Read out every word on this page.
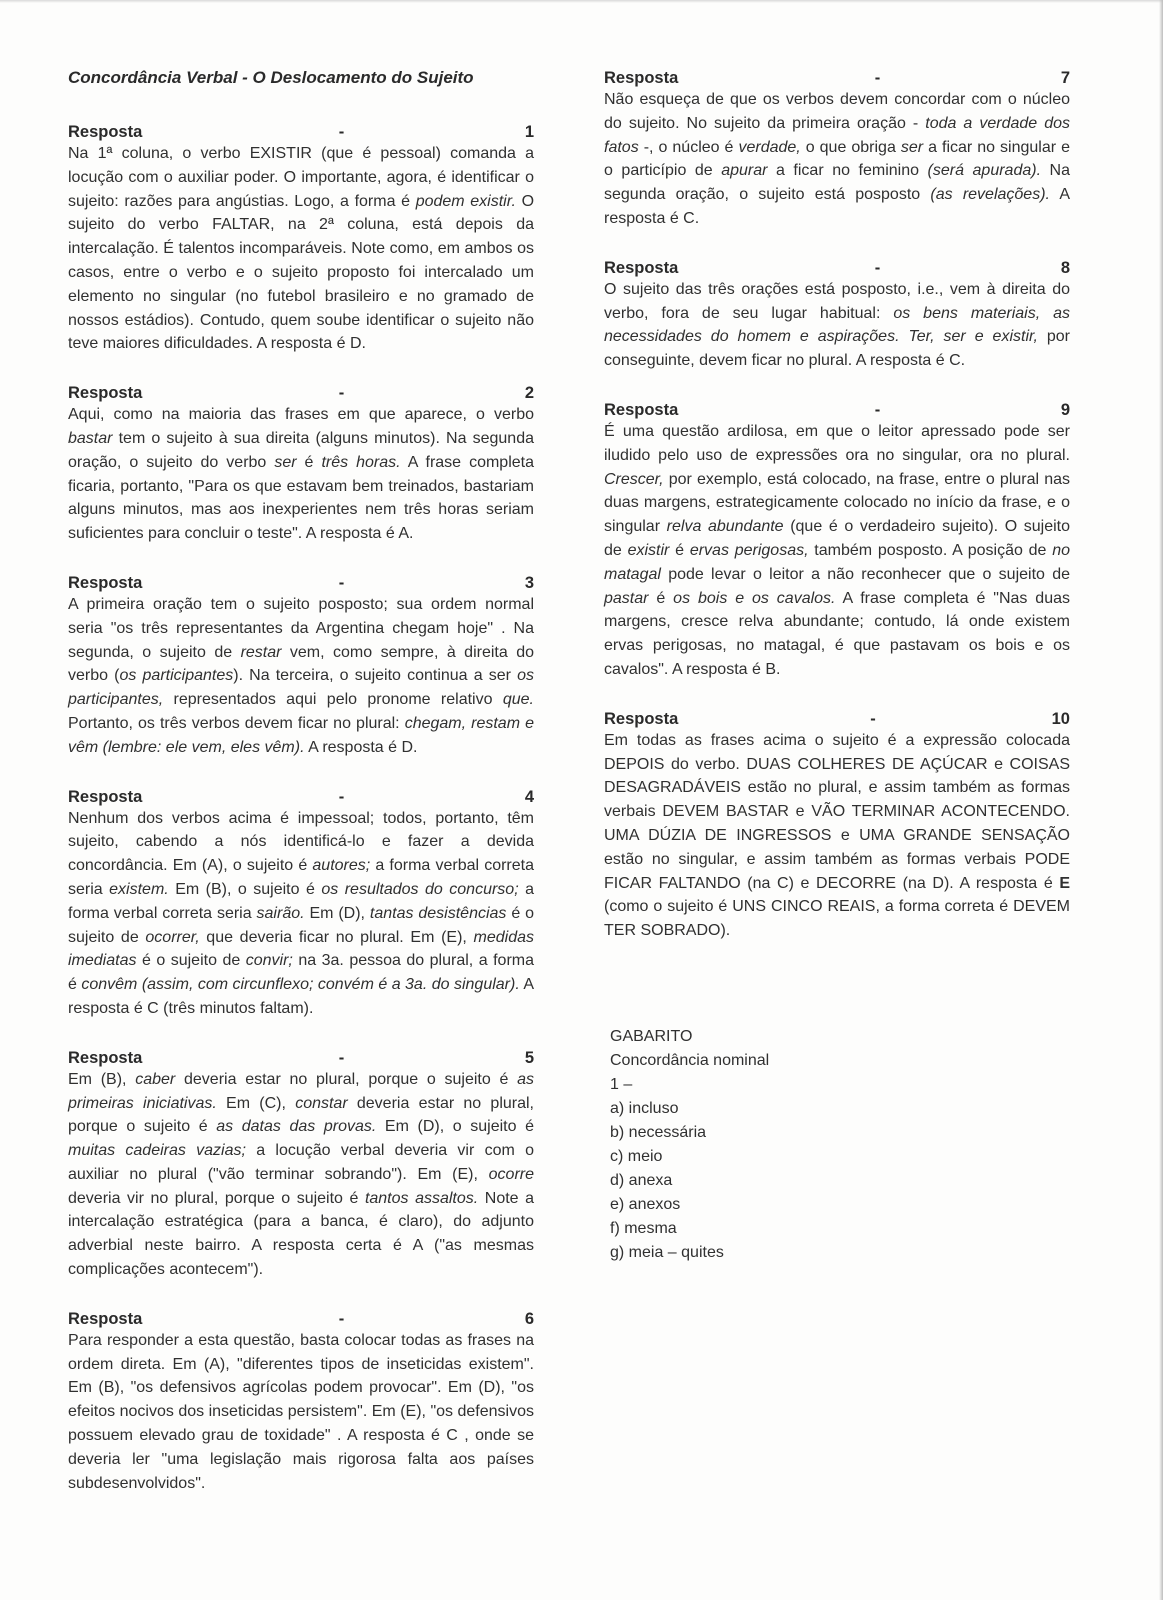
Concordância Verbal - O Deslocamento do Sujeito
Resposta	-	1

Na 1ª coluna, o verbo EXISTIR (que é pessoal) comanda a locução com o auxiliar poder. O importante, agora, é identificar o sujeito: razões para angústias. Logo, a forma é podem existir. O sujeito do verbo FALTAR, na 2ª coluna, está depois da intercalação. É talentos incomparáveis. Note como, em ambos os casos, entre o verbo e o sujeito proposto foi intercalado um elemento no singular (no futebol brasileiro e no gramado de nossos estádios). Contudo, quem soube identificar o sujeito não teve maiores dificuldades. A resposta é D.

Resposta	-	2

Aqui, como na maioria das frases em que aparece, o verbo bastar tem o sujeito à sua direita (alguns minutos). Na segunda oração, o sujeito do verbo ser é três horas. A frase completa ficaria, portanto, "Para os que estavam bem treinados, bastariam alguns minutos, mas aos inexperientes nem três horas seriam suficientes para concluir o teste". A resposta é A.

Resposta	-	3

A primeira oração tem o sujeito posposto; sua ordem normal seria "os três representantes da Argentina chegam hoje" . Na segunda, o sujeito de restar vem, como sempre, à direita do verbo (os participantes). Na terceira, o sujeito continua a ser os participantes, representados aqui pelo pronome relativo que. Portanto, os três verbos devem ficar no plural: chegam, restam e vêm (lembre: ele vem, eles vêm). A resposta é D.

Resposta	-	4

Nenhum dos verbos acima é impessoal; todos, portanto, têm sujeito, cabendo a nós identificá-lo e fazer a devida concordância. Em (A), o sujeito é autores; a forma verbal correta seria existem. Em (B), o sujeito é os resultados do concurso; a forma verbal correta seria sairão. Em (D), tantas desistências é o sujeito de ocorrer, que deveria ficar no plural. Em (E), medidas imediatas é o sujeito de convir; na 3a. pessoa do plural, a forma é convêm (assim, com circunflexo; convém é a 3a. do singular). A resposta é C (três minutos faltam).

Resposta	-	5

Em (B), caber deveria estar no plural, porque o sujeito é as primeiras iniciativas. Em (C), constar deveria estar no plural, porque o sujeito é as datas das provas. Em (D), o sujeito é muitas cadeiras vazias; a locução verbal deveria vir com o auxiliar no plural ("vão terminar sobrando"). Em (E), ocorre deveria vir no plural, porque o sujeito é tantos assaltos. Note a intercalação estratégica (para a banca, é claro), do adjunto adverbial neste bairro. A resposta certa é A ("as mesmas complicações acontecem").

Resposta	-	6

Para responder a esta questão, basta colocar todas as frases na ordem direta. Em (A), "diferentes tipos de inseticidas existem". Em (B), "os defensivos agrícolas podem provocar". Em (D), "os efeitos nocivos dos inseticidas persistem". Em (E), "os defensivos possuem elevado grau de toxidade" . A resposta é C , onde se deveria ler "uma legislação mais rigorosa falta aos países subdesenvolvidos".

Resposta	-	7

Não esqueça de que os verbos devem concordar com o núcleo do sujeito. No sujeito da primeira oração - toda a verdade dos fatos -, o núcleo é verdade, o que obriga ser a ficar no singular e o particípio de apurar a ficar no feminino (será apurada). Na segunda oração, o sujeito está posposto (as revelações). A resposta é C.

Resposta	-	8

O sujeito das três orações está posposto, i.e., vem à direita do verbo, fora de seu lugar habitual: os bens materiais, as necessidades do homem e aspirações. Ter, ser e existir, por conseguinte, devem ficar no plural. A resposta é C.

Resposta	-	9

É uma questão ardilosa, em que o leitor apressado pode ser iludido pelo uso de expressões ora no singular, ora no plural. Crescer, por exemplo, está colocado, na frase, entre o plural nas duas margens, estrategicamente colocado no início da frase, e o singular relva abundante (que é o verdadeiro sujeito). O sujeito de existir é ervas perigosas, também posposto. A posição de no matagal pode levar o leitor a não reconhecer que o sujeito de pastar é os bois e os cavalos. A frase completa é "Nas duas margens, cresce relva abundante; contudo, lá onde existem ervas perigosas, no matagal, é que pastavam os bois e os cavalos". A resposta é B.

Resposta	-	10

Em todas as frases acima o sujeito é a expressão colocada DEPOIS do verbo. DUAS COLHERES DE AÇÚCAR e COISAS DESAGRADÁVEIS estão no plural, e assim também as formas verbais DEVEM BASTAR e VÃO TERMINAR ACONTECENDO. UMA DÚZIA DE INGRESSOS e UMA GRANDE SENSAÇÃO estão no singular, e assim também as formas verbais PODE FICAR FALTANDO (na C) e DECORRE (na D). A resposta é E (como o sujeito é UNS CINCO REAIS, a forma correta é DEVEM TER SOBRADO).

GABARITO
Concordância nominal
1 –
a) incluso
b) necessária
c) meio
d) anexa
e) anexos
f) mesma
g) meia – quites
